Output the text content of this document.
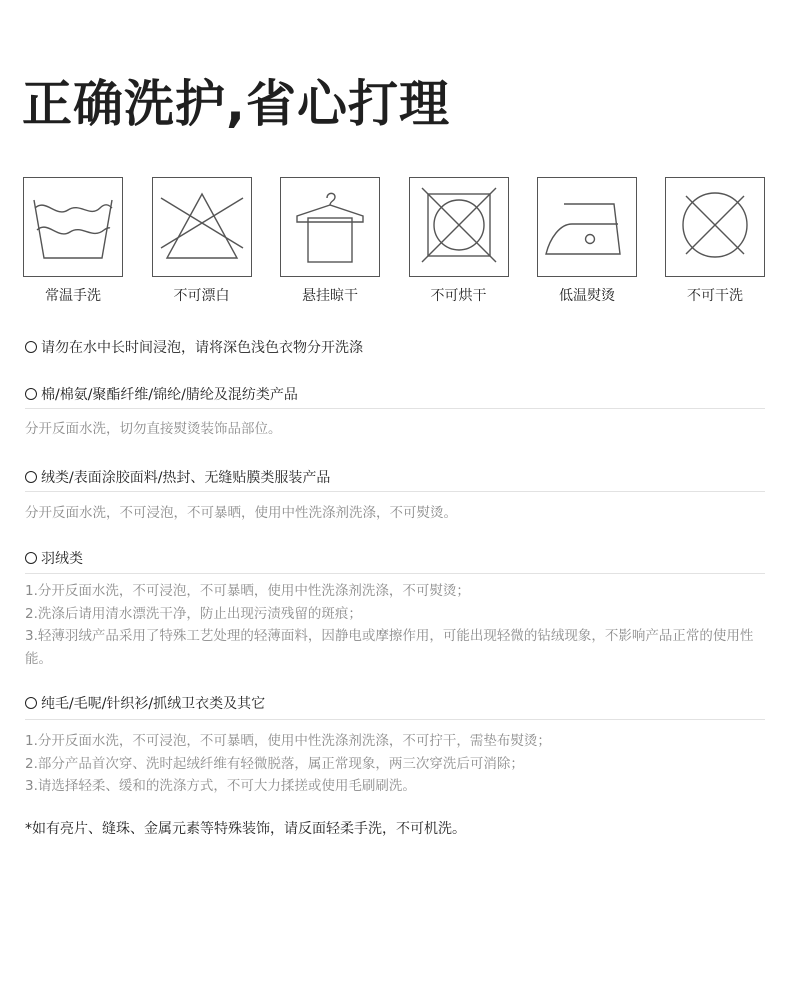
正确洗护,省心打理
常温手洗	不可漂白	悬挂晾干	不可烘干	低温熨烫	不可干洗
请勿在水中长时间浸泡，请将深色浅色衣物分开洗涤
棉/棉氨/聚酯纤维/锦纶/腈纶及混纺类产品
分开反面水洗，切勿直接熨烫装饰品部位。
绒类/表面涂胶面料/热封、无缝贴膜类服装产品
分开反面水洗，不可浸泡，不可暴晒，使用中性洗涤剂洗涤，不可熨烫。
羽绒类
1.分开反面水洗，不可浸泡，不可暴晒，使用中性洗涤剂洗涤，不可熨烫；
2.洗涤后请用清水漂洗干净，防止出现污渍残留的斑痕；
3.轻薄羽绒产品采用了特殊工艺处理的轻薄面料，因静电或摩擦作用，可能出现轻微的钻绒现象，不影响产品正常的使用性能。
纯毛/毛呢/针织衫/抓绒卫衣类及其它
1.分开反面水洗，不可浸泡，不可暴晒，使用中性洗涤剂洗涤，不可拧干，需垫布熨烫；
2.部分产品首次穿、洗时起绒纤维有轻微脱落，属正常现象，两三次穿洗后可消除；
3.请选择轻柔、缓和的洗涤方式，不可大力揉搓或使用毛刷刷洗。
*如有亮片、缝珠、金属元素等特殊装饰，请反面轻柔手洗，不可机洗。
